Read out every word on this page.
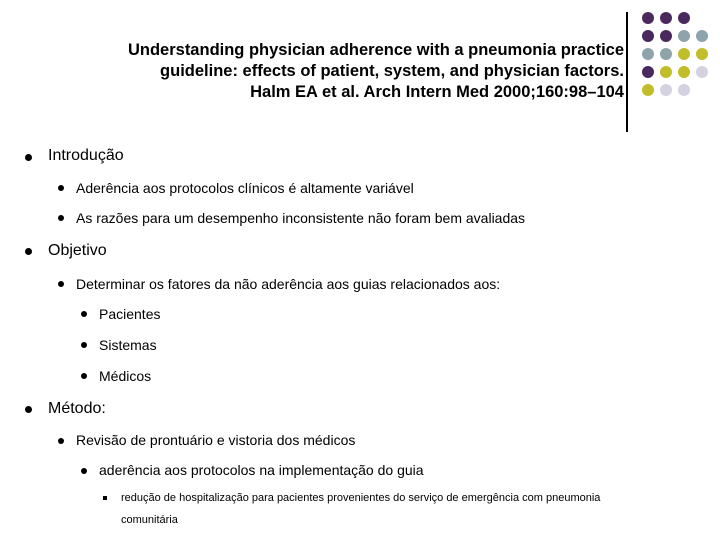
Understanding physician adherence with a pneumonia practice
guideline: effects of patient, system, and physician factors.
Halm EA et al. Arch Intern Med 2000;160:98–104
Introdução
Aderência aos protocolos clínicos é altamente variável
As razões para um desempenho inconsistente não foram bem avaliadas
Objetivo
Determinar os fatores da não aderência aos guias relacionados aos:
Pacientes
Sistemas
Médicos
Método:
Revisão de prontuário e vistoria dos médicos
aderência aos protocolos na implementação do guia
redução de hospitalização para pacientes provenientes do serviço de emergência com pneumonia
comunitária
